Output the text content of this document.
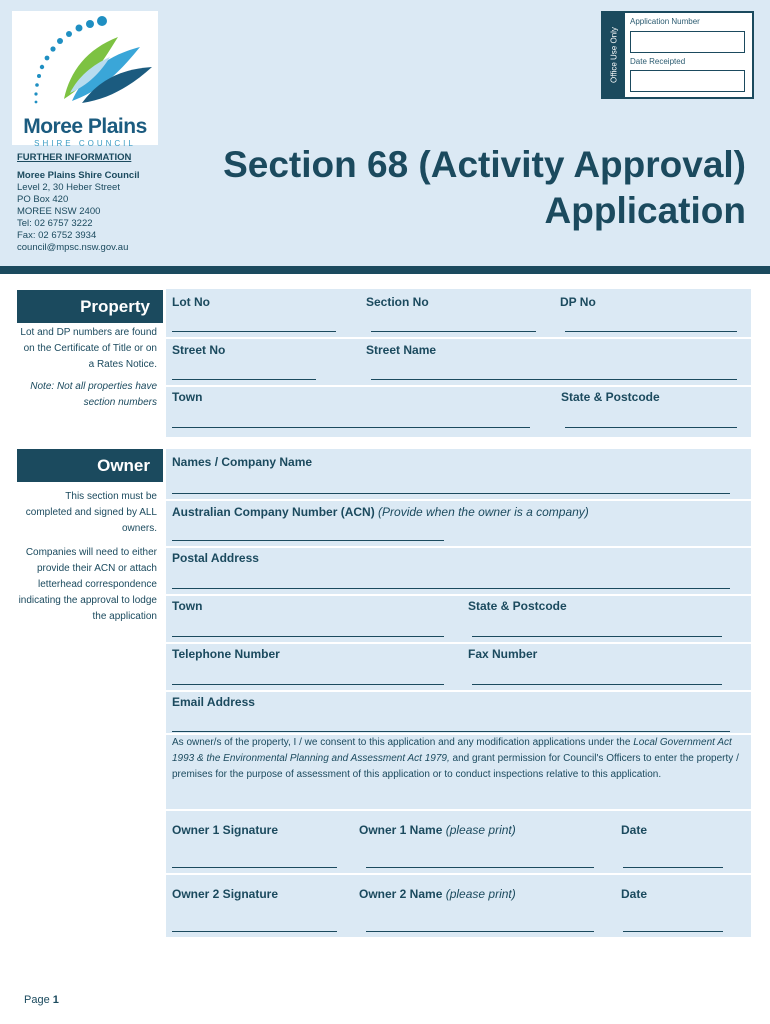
Moree Plains
SHIRE COUNCIL
Office Use Only
Application Number
Date Receipted
FURTHER INFORMATION
Moree Plains Shire Council
Level 2, 30 Heber Street
PO Box 420
MOREE NSW 2400
Tel: 02 6757 3222
Fax: 02 6752 3934
council@mpsc.nsw.gov.au
Section 68 (Activity Approval)
Application
Property
Lot and DP numbers are found on the Certificate of Title or on a Rates Notice.
Note: Not all properties have section numbers
Lot No	Section No	DP No
Street No	Street Name
Town	State & Postcode
Owner
This section must be completed and signed by ALL owners.
Companies will need to either provide their ACN or attach letterhead correspondence indicating the approval to lodge the application
Names / Company Name
Australian Company Number (ACN) (Provide when the owner is a company)
Postal Address
Town	State & Postcode
Telephone Number	Fax Number
Email Address
As owner/s of the property, I / we consent to this application and any modification applications under the Local Government Act 1993 & the Environmental Planning and Assessment Act 1979, and grant permission for Council's Officers to enter the property / premises for the purpose of assessment of this application or to conduct inspections relative to this application.
Owner 1 Signature	Owner 1 Name (please print)	Date
Owner 2 Signature	Owner 2 Name (please print)	Date
Page 1
